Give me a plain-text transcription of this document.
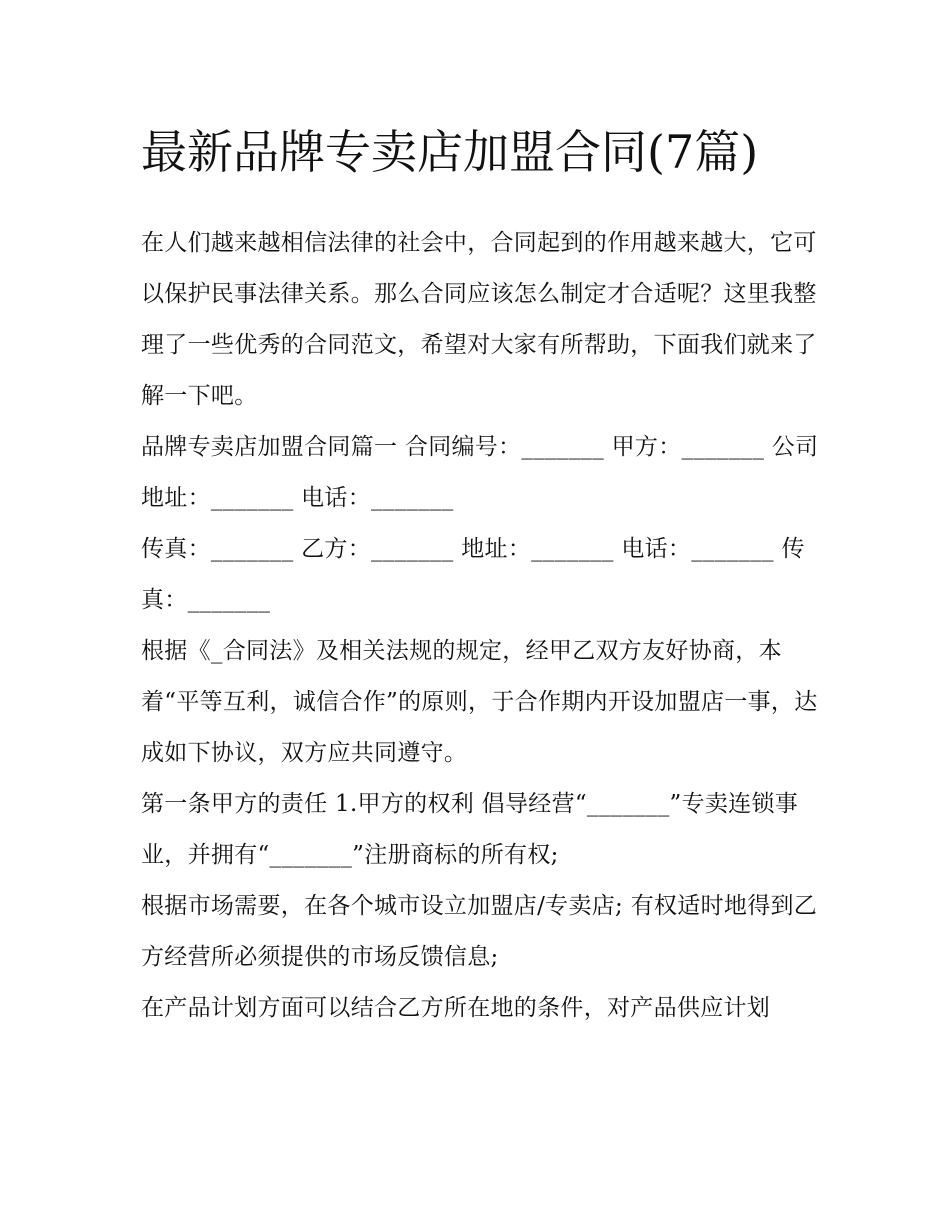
最新品牌专卖店加盟合同(7篇)

在人们越来越相信法律的社会中，合同起到的作用越来越大，它可以保护民事法律关系。那么合同应该怎么制定才合适呢？这里我整理了一些优秀的合同范文，希望对大家有所帮助，下面我们就来了解一下吧。

品牌专卖店加盟合同篇一 合同编号：_______ 甲方：_______ 公司地址：_______ 电话：_______

传真：_______ 乙方：_______ 地址：_______ 电话：_______ 传真：_______

根据《_合同法》及相关法规的规定，经甲乙双方友好协商，本着“平等互利，诚信合作”的原则，于合作期内开设加盟店一事，达成如下协议，双方应共同遵守。

第一条甲方的责任 1.甲方的权利 倡导经营“_______”专卖连锁事业，并拥有“_______”注册商标的所有权;

根据市场需要，在各个城市设立加盟店/专卖店; 有权适时地得到乙方经营所必须提供的市场反馈信息;

在产品计划方面可以结合乙方所在地的条件，对产品供应计划
